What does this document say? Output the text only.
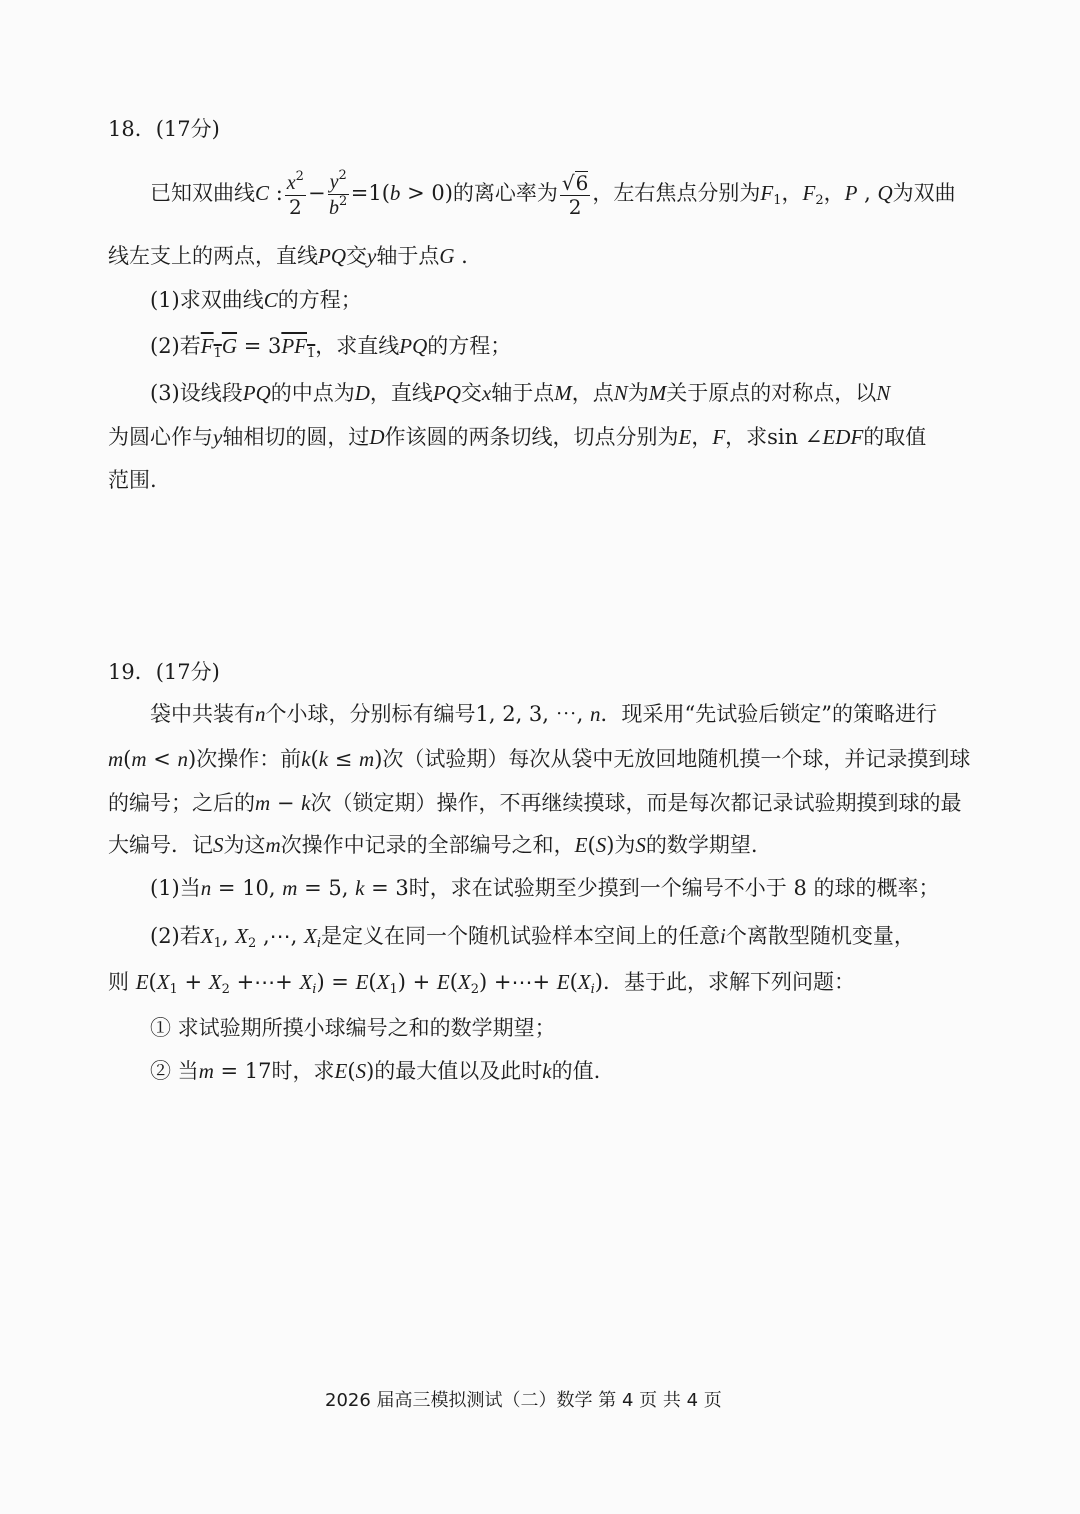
18．(17分)
已知双曲线C : $\frac{x^2}{2} - \frac{y^2}{b^2} =1(b > 0)$的离心率为 $\frac{√6}{2}$ ，左右焦点分别为$F_1$，$F_2$，P , Q为双曲
线左支上的两点，直线PQ交y轴于点G .
(1)求双曲线C的方程；
(2)若$F_1G = 3PF_1$，求直线PQ的方程；
(3)设线段PQ的中点为D，直线PQ交x轴于点M，点N为M关于原点的对称点，以N
为圆心作与y轴相切的圆，过D作该圆的两条切线，切点分别为E，F，求sin ∠EDF的取值
范围.
19．(17分)
袋中共装有n个小球，分别标有编号1, 2, 3, ⋯, n．现采用“先试验后锁定”的策略进行
m(m < n)次操作：前k(k ≤ m)次（试验期）每次从袋中无放回地随机摸一个球，并记录摸到球
的编号；之后的m − k次（锁定期）操作，不再继续摸球，而是每次都记录试验期摸到球的最
大编号．记S为这m次操作中记录的全部编号之和，E(S)为S的数学期望.
(1)当n = 10, m = 5, k = 3时，求在试验期至少摸到一个编号不小于 8 的球的概率；
(2)若$X_1$, $X_2$ ,⋯, $X_i$是定义在同一个随机试验样本空间上的任意i个离散型随机变量，
则 $E(X_1 + X_2$ +⋯+ $X_i) = E(X_1) + E(X_2)$ +⋯+ $E(X_i)$．基于此，求解下列问题：
① 求试验期所摸小球编号之和的数学期望；
② 当m = 17时，求E(S)的最大值以及此时k的值.
2026 届高三模拟测试（二）数学 第 4 页 共 4 页
